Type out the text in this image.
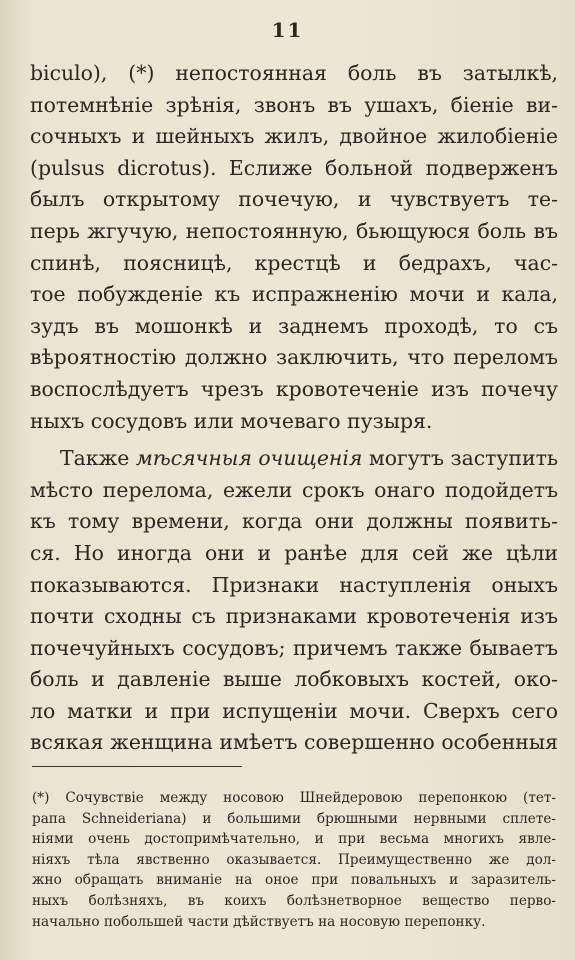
11
biculo), (*) непостоянная боль въ затылкѣ,
потемнѣніе зрѣнія, звонъ въ ушахъ, біеніе ви-
сочныхъ и шейныхъ жилъ, двойное жилобіеніе
(pulsus dicrotus). Еслиже больной подверженъ
былъ открытому почечую, и чувствуетъ те-
перь жгучую, непостоянную, бьющуюся боль въ
спинѣ, поясницѣ, крестцѣ и бедрахъ, час-
тое побужденіе къ испражненію мочи и кала,
зудъ въ мошонкѣ и заднемъ проходѣ, то съ
вѣроятностію должно заключить, что переломъ
воспослѣдуетъ чрезъ кровотеченіе изъ почечу
ныхъ сосудовъ или мочеваго пузыря.
Также мѣсячныя очищенія могутъ заступить
мѣсто перелома, ежели срокъ онаго подойдетъ
къ тому времени, когда они должны появить-
ся. Но иногда они и ранѣе для сей же цѣли
показываются. Признаки наступленія оныхъ
почти сходны съ признаками кровотеченія изъ
почечуйныхъ сосудовъ; причемъ также бываетъ
боль и давленіе выше лобковыхъ костей, око-
ло матки и при испущеніи мочи. Сверхъ сего
всякая женщина имѣетъ совершенно особенныя
(*) Сочувствіе между носовою Шнейдеровою перепонкою (тет-
рапа Schneideriana) и большими брюшными нервными сплете-
ніями очень достопримѣчательно, и при весьма многихъ явле-
ніяхъ тѣла явственно оказывается. Преимущественно же дол-
жно обращать вниманіе на оное при повальныхъ и заразитель-
ныхъ болѣзняхъ, въ коихъ болѣзнетворное вещество перво-
начально побольшей части дѣйствуетъ на носовую перепонку.
